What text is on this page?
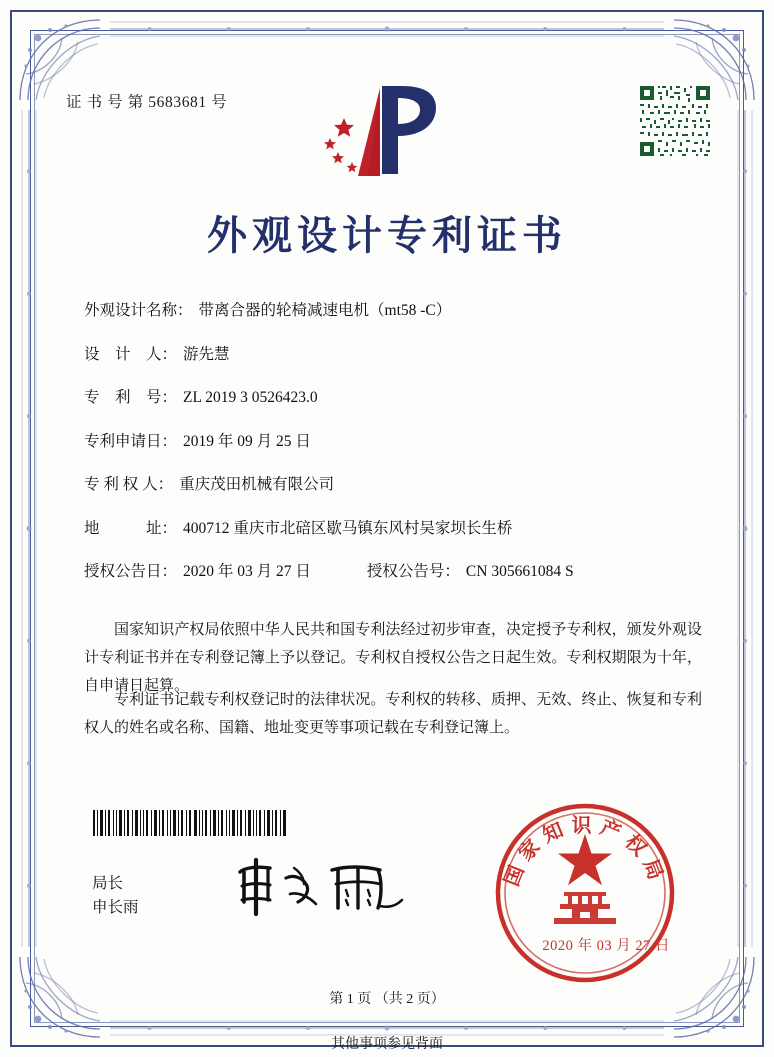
证 书 号 第 5683681 号
外观设计专利证书
外观设计名称： 带离合器的轮椅减速电机（mt58 -C）
设　计　人： 游先慧
专　利　号： ZL 2019 3 0526423.0
专利申请日： 2019 年 09 月 25 日
专 利 权 人： 重庆茂田机械有限公司
地　　　址： 400712 重庆市北碚区歇马镇东风村吴家坝长生桥
授权公告日： 2020 年 03 月 27 日	授权公告号： CN 305661084 S
国家知识产权局依照中华人民共和国专利法经过初步审查，决定授予专利权，颁发外观设计专利证书并在专利登记簿上予以登记。专利权自授权公告之日起生效。专利权期限为十年，自申请日起算。
专利证书记载专利权登记时的法律状况。专利权的转移、质押、无效、终止、恢复和专利权人的姓名或名称、国籍、地址变更等事项记载在专利登记簿上。
局长
申长雨
国家知识产权局
2020 年 03 月 27 日
第 1 页 （共 2 页）
其他事项参见背面
